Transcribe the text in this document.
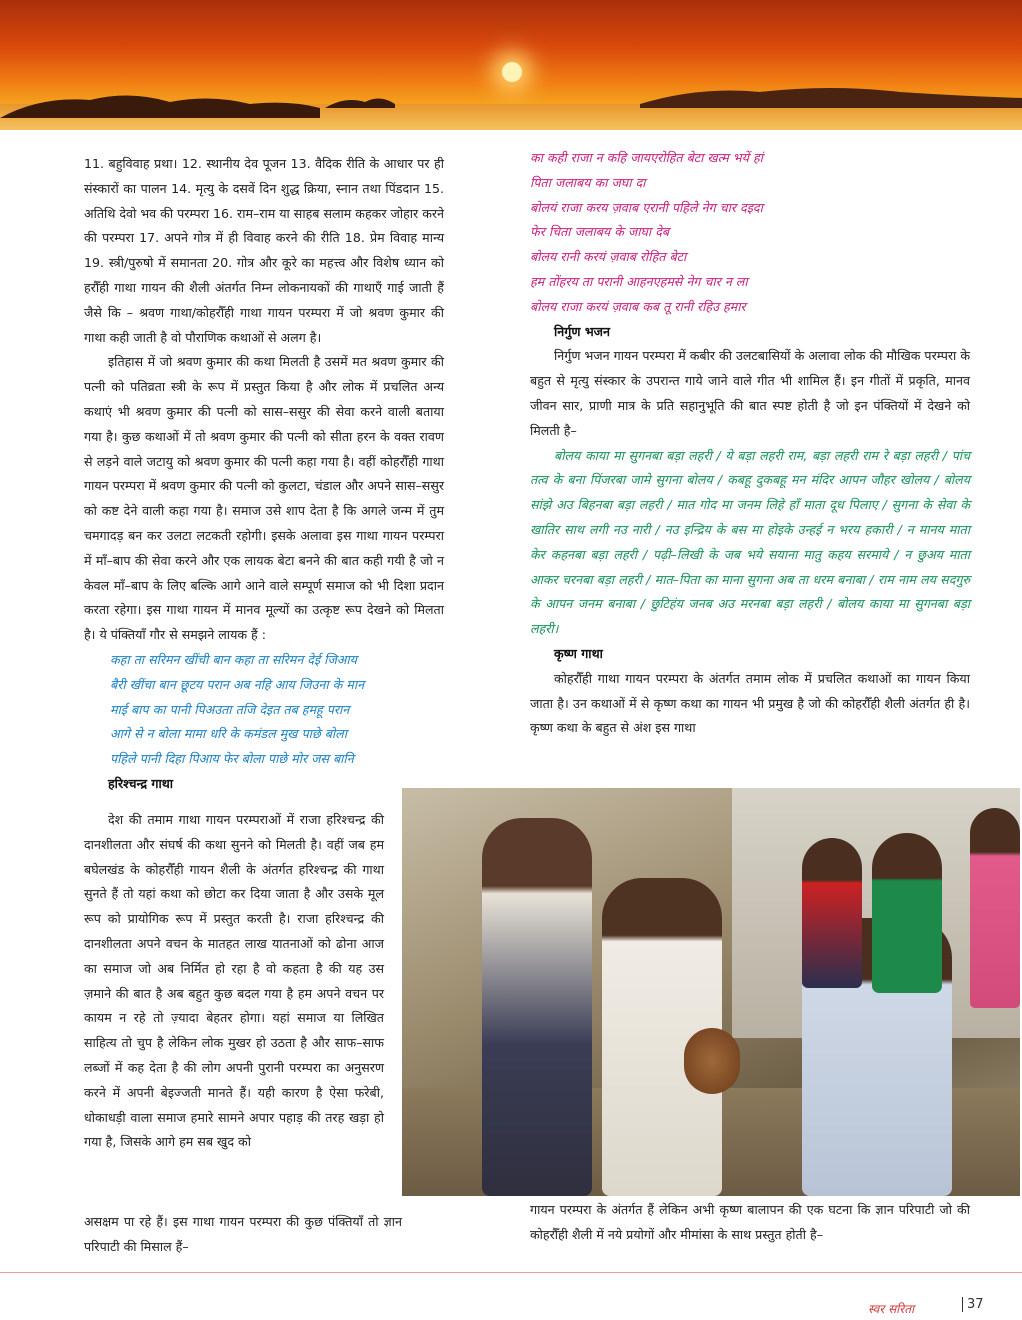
11. बहुविवाह प्रथा। 12. स्थानीय देव पूजन 13. वैदिक रीति के आधार पर ही संस्कारों का पालन 14. मृत्यु के दसवें दिन शुद्ध क्रिया, स्नान तथा पिंडदान 15. अतिथि देवो भव की परम्परा 16. राम–राम या साहब सलाम कहकर जोहार करने की परम्परा 17. अपने गोत्र में ही विवाह करने की रीति 18. प्रेम विवाह मान्य 19. स्त्री/पुरुषो में समानता 20. गोत्र और कूरे का महत्त्व और विशेष ध्यान को हरौँही गाथा गायन की शैली अंतर्गत निम्न लोकनायकों की गाथाएँ गाई जाती हैं जैसे कि – श्रवण गाथा/कोहरौँही गाथा गायन परम्परा में जो श्रवण कुमार की गाथा कही जाती है वो पौराणिक कथाओं से अलग है।

इतिहास में जो श्रवण कुमार की कथा मिलती है उसमें मत श्रवण कुमार की पत्नी को पतिव्रता स्त्री के रूप में प्रस्तुत किया है और लोक में प्रचलित अन्य कथाएं भी श्रवण कुमार की पत्नी को सास–ससुर की सेवा करने वाली बताया गया है। कुछ कथाओं में तो श्रवण कुमार की पत्नी को सीता हरन के वक्त रावण से लड़ने वाले जटायु को श्रवण कुमार की पत्नी कहा गया है। वहीं कोहरौँही गाथा गायन परम्परा में श्रवण कुमार की पत्नी को कुलटा, चंडाल और अपने सास–ससुर को कष्ट देने वाली कहा गया है। समाज उसे शाप देता है कि अगले जन्म में तुम चमगादड़ बन कर उलटा लटकती रहोगी। इसके अलावा इस गाथा गायन परम्परा में माँ–बाप की सेवा करने और एक लायक बेटा बनने की बात कही गयी है जो न केवल माँ–बाप के लिए बल्कि आगे आने वाले सम्पूर्ण समाज को भी दिशा प्रदान करता रहेगा। इस गाथा गायन में मानव मूल्यों का उत्कृष्ट रूप देखने को मिलता है। ये पंक्तियाँ गौर से समझने लायक हैं :

कहा ता सरिमन खींची बान कहा ता सरिमन देई जिआय

बैरी खींचा बान छूटय परान अब नहि आय जिउना के मान

माई बाप का पानी पिअउता तजि देइत तब हमहू परान

आगे से न बोला मामा धरि के कमंडल मुख पाछे बोला

पहिले पानी दिहा पिआय फेर बोला पाछे मोर जस बानि

हरिश्चन्द्र गाथा

देश की तमाम गाथा गायन परम्पराओं में राजा हरिश्चन्द्र की दानशीलता और संघर्ष की कथा सुनने को मिलती है। वहीं जब हम बघेलखंड के कोहरौँही गायन शैली के अंतर्गत हरिश्चन्द्र की गाथा सुनते हैं तो यहां कथा को छोटा कर दिया जाता है और उसके मूल रूप को प्रायोगिक रूप में प्रस्तुत करती है। राजा हरिश्चन्द्र की दानशीलता अपने वचन के मातहत लाख यातनाओं को ढोना आज का समाज जो अब निर्मित हो रहा है वो कहता है की यह उस ज़माने की बात है अब बहुत कुछ बदल गया है हम अपने वचन पर कायम न रहे तो ज़्यादा बेहतर होगा। यहां समाज या लिखित साहित्य तो चुप है लेकिन लोक मुखर हो उठता है और साफ–साफ लब्जों में कह देता है की लोग अपनी पुरानी परम्परा का अनुसरण करने में अपनी बेइज्जती मानते हैं। यही कारण है ऐसा फरेबी, धोकाधड़ी वाला समाज हमारे सामने अपार पहाड़ की तरह खड़ा हो गया है, जिसके आगे हम सब खुद को

असक्षम पा रहे हैं। इस गाथा गायन परम्परा की कुछ पंक्तियाँ तो ज्ञान परिपाटी की मिसाल हैं–

का कही राजा न कहि जायएरोहित बेटा खत्म भयें हां

पिता जलाबय का जघा दा

बोलयं राजा करय ज़वाब एरानी पहिले नेग चार दइदा

फेर चिता जलाबय के जाघा देब

बोलय रानी करयं ज़वाब रोहित बेटा

हम तोंहरय ता परानी आहनएहमसे नेग चार न ला

बोलय राजा करयं ज़वाब कब तू रानी रहिउ हमार

निर्गुण भजन

निर्गुण भजन गायन परम्परा में कबीर की उलटबासियों के अलावा लोक की मौखिक परम्परा के बहुत से मृत्यु संस्कार के उपरान्त गाये जाने वाले गीत भी शामिल हैं। इन गीतों में प्रकृति, मानव जीवन सार, प्राणी मात्र के प्रति सहानुभूति की बात स्पष्ट होती है जो इन पंक्तियों में देखने को मिलती है–

बोलय काया मा सुगनबा बड़ा लहरी / ये बड़ा लहरी राम, बड़ा लहरी राम रे बड़ा लहरी / पांच तत्व के बना पिंजरबा जामे सुगना बोलय / कबहू दुकबहू मन मंदिर आपन जौहर खोलय / बोलय सांझे अउ बिहनबा बड़ा लहरी / मात गोद मा जनम लिहे हाँ माता दूध पिलाए / सुगना के सेवा के खातिर साथ लगी नउ नारी / नउ इन्द्रिय के बस मा होइके उन्हई न भरय हकारी / न मानय माता केर कहनबा बड़ा लहरी / पढ़ी–लिखी के जब भये सयाना मातु कहय सरमाये / न छुअय माता आकर चरनबा बड़ा लहरी / मात–पिता का माना सुगना अब ता धरम बनाबा / राम नाम लय सदगुरु के आपन जनम बनाबा / छुटिहंय जनब अउ मरनबा बड़ा लहरी / बोलय काया मा सुगनबा बड़ा लहरी।

कृष्ण गाथा

कोहरौँही गाथा गायन परम्परा के अंतर्गत तमाम लोक में प्रचलित कथाओं का गायन किया जाता है। उन कथाओं में से कृष्ण कथा का गायन भी प्रमुख है जो की कोहरौँही शैली अंतर्गत ही है। कृष्ण कथा के बहुत से अंश इस गाथा

गायन परम्परा के अंतर्गत हैं लेकिन अभी कृष्ण बालापन की एक घटना कि ज्ञान परिपाटी जो की कोहरौँही शैली में नये प्रयोगों और मीमांसा के साथ प्रस्तुत होती है–

स्वर सरिता	37
